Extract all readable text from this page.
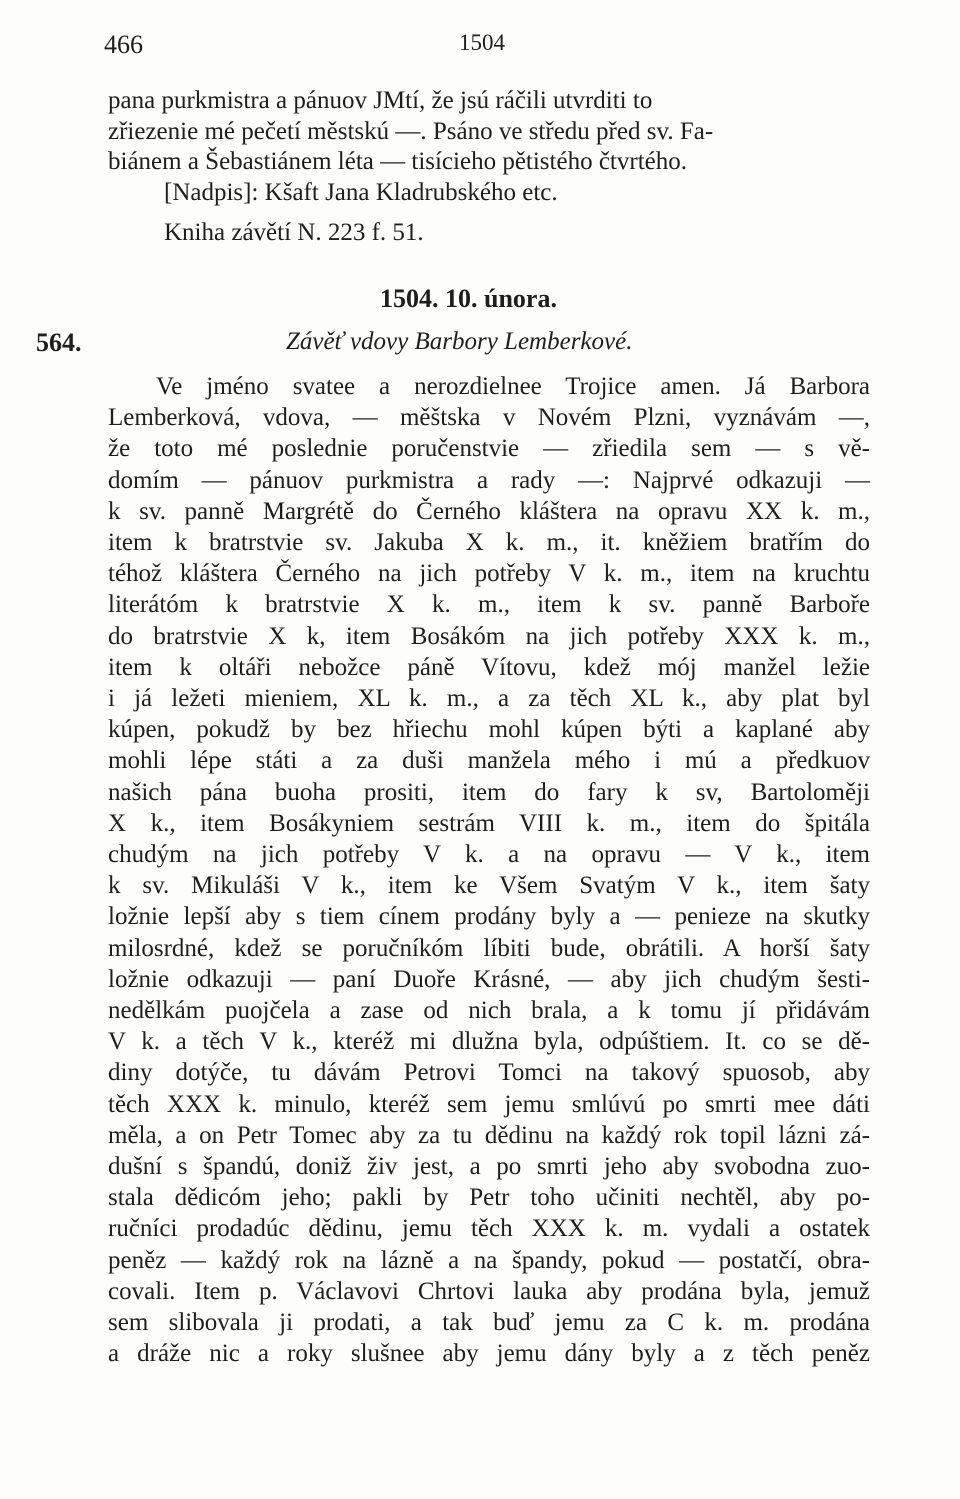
466	1504
pana purkmistra a pánuov JMtí, že jsú ráčili utvrditi to
zřiezenie mé pečetí městskú —. Psáno ve středu před sv. Fa-
biánem a Šebastiánem léta — tisícieho pětistého čtvrtého.
[Nadpis]: Kšaft Jana Kladrubského etc.
Kniha závětí N. 223 f. 51.
1504. 10. února.
564.	Závěť vdovy Barbory Lemberkové.
Ve jméno svatee a nerozdielnee Trojice amen. Já Barbora
Lemberková, vdova, — měštska v Novém Plzni, vyznávám —,
že toto mé poslednie poručenstvie — zřiedila sem — s vě-
domím — pánuov purkmistra a rady —: Najprvé odkazuji —
k sv. panně Margrétě do Černého kláštera na opravu XX k. m.,
item k bratrstvie sv. Jakuba X k. m., it. kněžiem bratřím do
téhož kláštera Černého na jich potřeby V k. m., item na kruchtu
literátóm k bratrstvie X k. m., item k sv. panně Barboře
do bratrstvie X k, item Bosákóm na jich potřeby XXX k. m.,
item k oltáři nebožce páně Vítovu, kdež mój manžel ležie
i já ležeti mieniem, XL k. m., a za těch XL k., aby plat byl
kúpen, pokudž by bez hřiechu mohl kúpen býti a kaplané aby
mohli lépe státi a za duši manžela mého i mú a předkuov
našich pána buoha prositi, item do fary k sv, Bartoloměji
X k., item Bosákyniem sestrám VIII k. m., item do špitála
chudým na jich potřeby V k. a na opravu — V k., item
k sv. Mikuláši V k., item ke Všem Svatým V k., item šaty
ložnie lepší aby s tiem cínem prodány byly a — penieze na skutky
milosrdné, kdež se poručníkóm líbiti bude, obrátili. A horší šaty
ložnie odkazuji — paní Duoře Krásné, — aby jich chudým šesti-
nedělkám puojčela a zase od nich brala, a k tomu jí přidávám
V k. a těch V k., kteréž mi dlužna byla, odpúštiem. It. co se dě-
diny dotýče, tu dávám Petrovi Tomci na takový spuosob, aby
těch XXX k. minulo, kteréž sem jemu smlúvú po smrti mee dáti
měla, a on Petr Tomec aby za tu dědinu na každý rok topil lázni zá-
dušní s špandú, doniž živ jest, a po smrti jeho aby svobodna zuo-
stala dědicóm jeho; pakli by Petr toho učiniti nechtěl, aby po-
ručníci prodadúc dědinu, jemu těch XXX k. m. vydali a ostatek
peněz — každý rok na lázně a na špandy, pokud — postatčí, obra-
covali. Item p. Václavovi Chrtovi lauka aby prodána byla, jemuž
sem slibovala ji prodati, a tak buď jemu za C k. m. prodána
a dráže nic a roky slušnee aby jemu dány byly a z těch peněz
